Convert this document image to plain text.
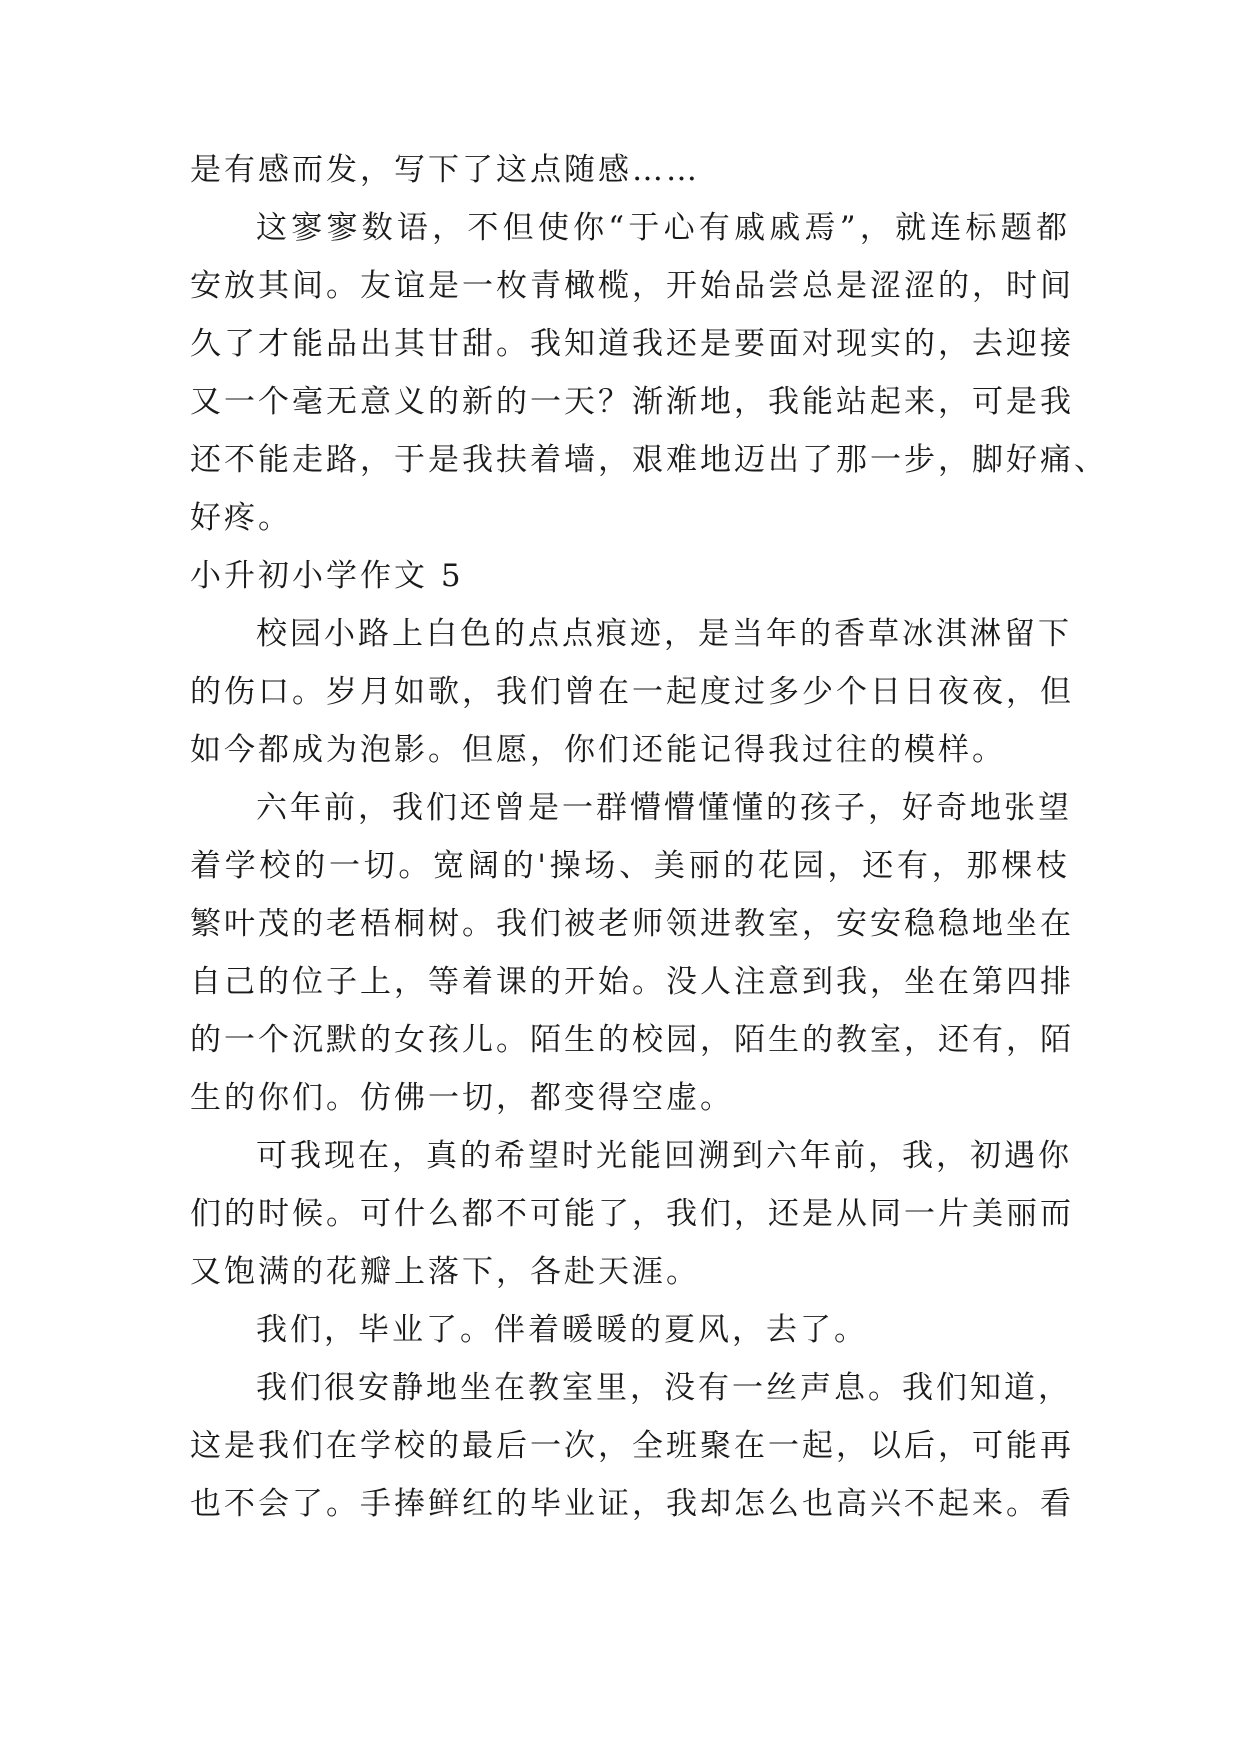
是有感而发，写下了这点随感……
这寥寥数语，不但使你“于心有戚戚焉”，就连标题都
安放其间。友谊是一枚青橄榄，开始品尝总是涩涩的，时间
久了才能品出其甘甜。我知道我还是要面对现实的，去迎接
又一个毫无意义的新的一天？渐渐地，我能站起来，可是我
还不能走路，于是我扶着墙，艰难地迈出了那一步，脚好痛、
好疼。
小升初小学作文 5
校园小路上白色的点点痕迹，是当年的香草冰淇淋留下
的伤口。岁月如歌，我们曾在一起度过多少个日日夜夜，但
如今都成为泡影。但愿，你们还能记得我过往的模样。
六年前，我们还曾是一群懵懵懂懂的孩子，好奇地张望
着学校的一切。宽阔的'操场、美丽的花园，还有，那棵枝
繁叶茂的老梧桐树。我们被老师领进教室，安安稳稳地坐在
自己的位子上，等着课的开始。没人注意到我，坐在第四排
的一个沉默的女孩儿。陌生的校园，陌生的教室，还有，陌
生的你们。仿佛一切，都变得空虚。
可我现在，真的希望时光能回溯到六年前，我，初遇你
们的时候。可什么都不可能了，我们，还是从同一片美丽而
又饱满的花瓣上落下，各赴天涯。
我们，毕业了。伴着暖暖的夏风，去了。
我们很安静地坐在教室里，没有一丝声息。我们知道，
这是我们在学校的最后一次，全班聚在一起，以后，可能再
也不会了。手捧鲜红的毕业证，我却怎么也高兴不起来。看
